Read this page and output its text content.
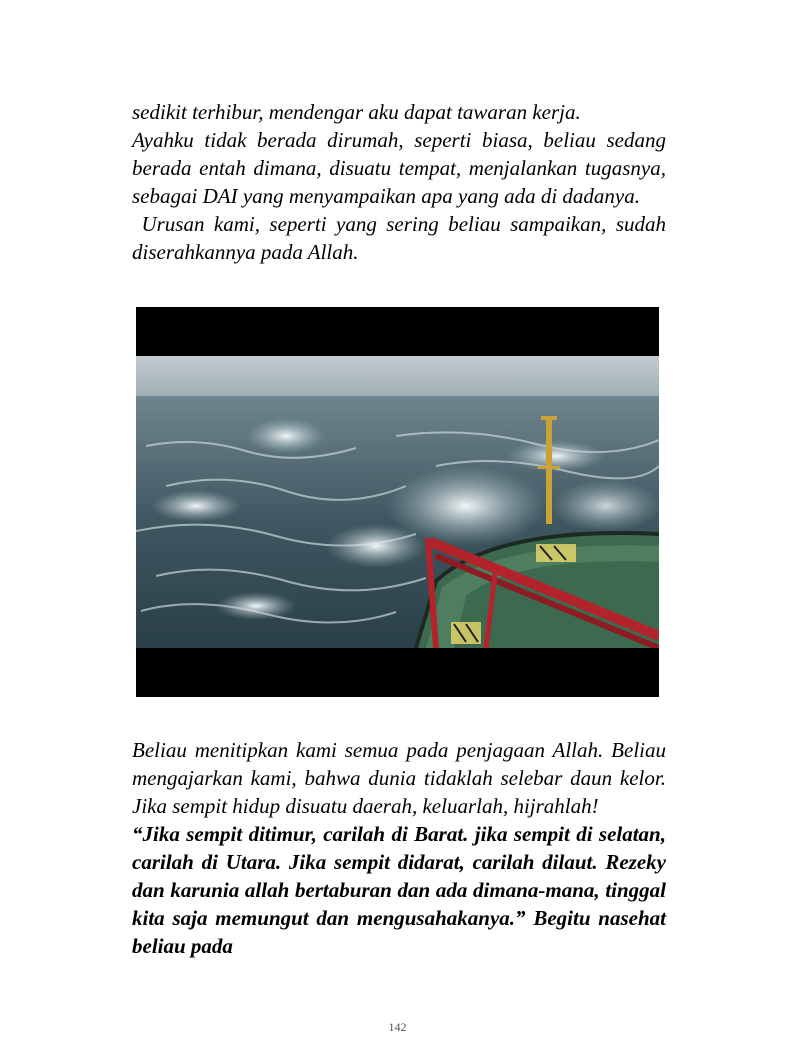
sedikit terhibur, mendengar aku dapat tawaran kerja.

Ayahku tidak berada dirumah, seperti biasa, beliau sedang berada entah dimana, disuatu tempat, menjalankan tugasnya, sebagai DAI yang menyampaikan apa yang ada di dadanya.

Urusan kami, seperti yang sering beliau sampaikan, sudah diserahkannya pada Allah.

Beliau menitipkan kami semua pada penjagaan Allah. Beliau mengajarkan kami, bahwa dunia tidaklah selebar daun kelor. Jika sempit hidup disuatu daerah, keluarlah, hijrahlah!

“Jika sempit ditimur, carilah di Barat. jika sempit di selatan, carilah di Utara. Jika sempit didarat, carilah dilaut. Rezeky dan karunia allah bertaburan dan ada dimana-mana, tinggal kita saja memungut dan mengusahakanya.” Begitu nasehat beliau pada

142
